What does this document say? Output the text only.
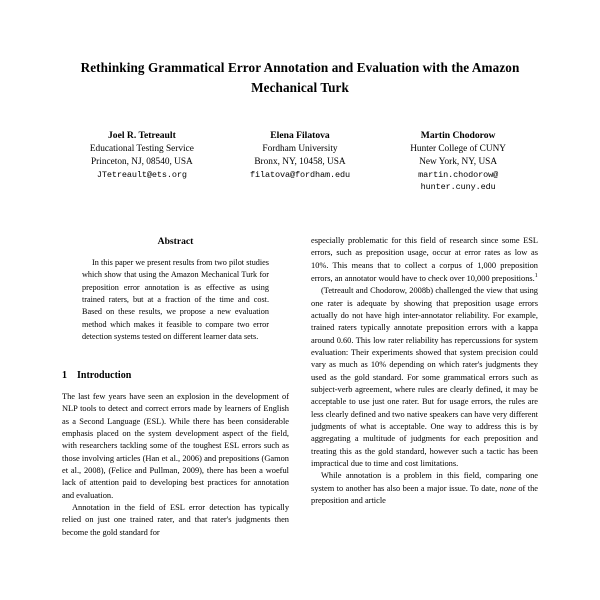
Rethinking Grammatical Error Annotation and Evaluation with the Amazon Mechanical Turk
Joel R. Tetreault
Educational Testing Service
Princeton, NJ, 08540, USA
JTetreault@ets.org
Elena Filatova
Fordham University
Bronx, NY, 10458, USA
filatova@fordham.edu
Martin Chodorow
Hunter College of CUNY
New York, NY, USA
martin.chodorow@ hunter.cuny.edu
Abstract
In this paper we present results from two pilot studies which show that using the Amazon Mechanical Turk for preposition error annotation is as effective as using trained raters, but at a fraction of the time and cost. Based on these results, we propose a new evaluation method which makes it feasible to compare two error detection systems tested on different learner data sets.
1 Introduction

The last few years have seen an explosion in the development of NLP tools to detect and correct errors made by learners of English as a Second Language (ESL). While there has been considerable emphasis placed on the system development aspect of the field, with researchers tackling some of the toughest ESL errors such as those involving articles (Han et al., 2006) and prepositions (Gamon et al., 2008), (Felice and Pullman, 2009), there has been a woeful lack of attention paid to developing best practices for annotation and evaluation.

Annotation in the field of ESL error detection has typically relied on just one trained rater, and that rater's judgments then become the gold standard for

especially problematic for this field of research since some ESL errors, such as preposition usage, occur at error rates as low as 10%. This means that to collect a corpus of 1,000 preposition errors, an annotator would have to check over 10,000 prepositions.$^1$

(Tetreault and Chodorow, 2008b) challenged the view that using one rater is adequate by showing that preposition usage errors actually do not have high inter-annotator reliability. For example, trained raters typically annotate preposition errors with a kappa around 0.60. This low rater reliability has repercussions for system evaluation: Their experiments showed that system precision could vary as much as 10% depending on which rater's judgments they used as the gold standard. For some grammatical errors such as subject-verb agreement, where rules are clearly defined, it may be acceptable to use just one rater. But for usage errors, the rules are less clearly defined and two native speakers can have very different judgments of what is acceptable. One way to address this is by aggregating a multitude of judgments for each preposition and treating this as the gold standard, however such a tactic has been impractical due to time and cost limitations.

While annotation is a problem in this field, comparing one system to another has also been a major issue. To date, none of the preposition and article
